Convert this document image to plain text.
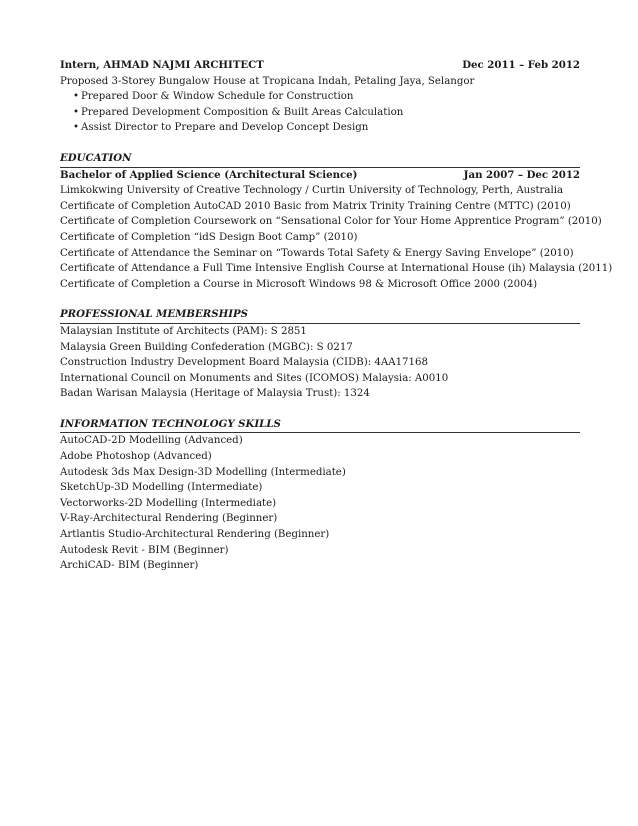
Intern, AHMAD NAJMI ARCHITECT	Dec 2011 – Feb 2012
Proposed 3-Storey Bungalow House at Tropicana Indah, Petaling Jaya, Selangor
• Prepared Door & Window Schedule for Construction
• Prepared Development Composition & Built Areas Calculation
• Assist Director to Prepare and Develop Concept Design
EDUCATION
Bachelor of Applied Science (Architectural Science)	Jan 2007 – Dec 2012
Limkokwing University of Creative Technology / Curtin University of Technology, Perth, Australia
Certificate of Completion AutoCAD 2010 Basic from Matrix Trinity Training Centre (MTTC) (2010)
Certificate of Completion Coursework on “Sensational Color for Your Home Apprentice Program” (2010)
Certificate of Completion “idS Design Boot Camp” (2010)
Certificate of Attendance the Seminar on “Towards Total Safety & Energy Saving Envelope” (2010)
Certificate of Attendance a Full Time Intensive English Course at International House (ih) Malaysia (2011)
Certificate of Completion a Course in Microsoft Windows 98 & Microsoft Office 2000 (2004)
PROFESSIONAL MEMBERSHIPS
Malaysian Institute of Architects (PAM): S 2851
Malaysia Green Building Confederation (MGBC): S 0217
Construction Industry Development Board Malaysia (CIDB): 4AA17168
International Council on Monuments and Sites (ICOMOS) Malaysia: A0010
Badan Warisan Malaysia (Heritage of Malaysia Trust): 1324
INFORMATION TECHNOLOGY SKILLS
AutoCAD-2D Modelling (Advanced)
Adobe Photoshop (Advanced)
Autodesk 3ds Max Design-3D Modelling (Intermediate)
SketchUp-3D Modelling (Intermediate)
Vectorworks-2D Modelling (Intermediate)
V-Ray-Architectural Rendering (Beginner)
Artlantis Studio-Architectural Rendering (Beginner)
Autodesk Revit - BIM (Beginner)
ArchiCAD- BIM (Beginner)
